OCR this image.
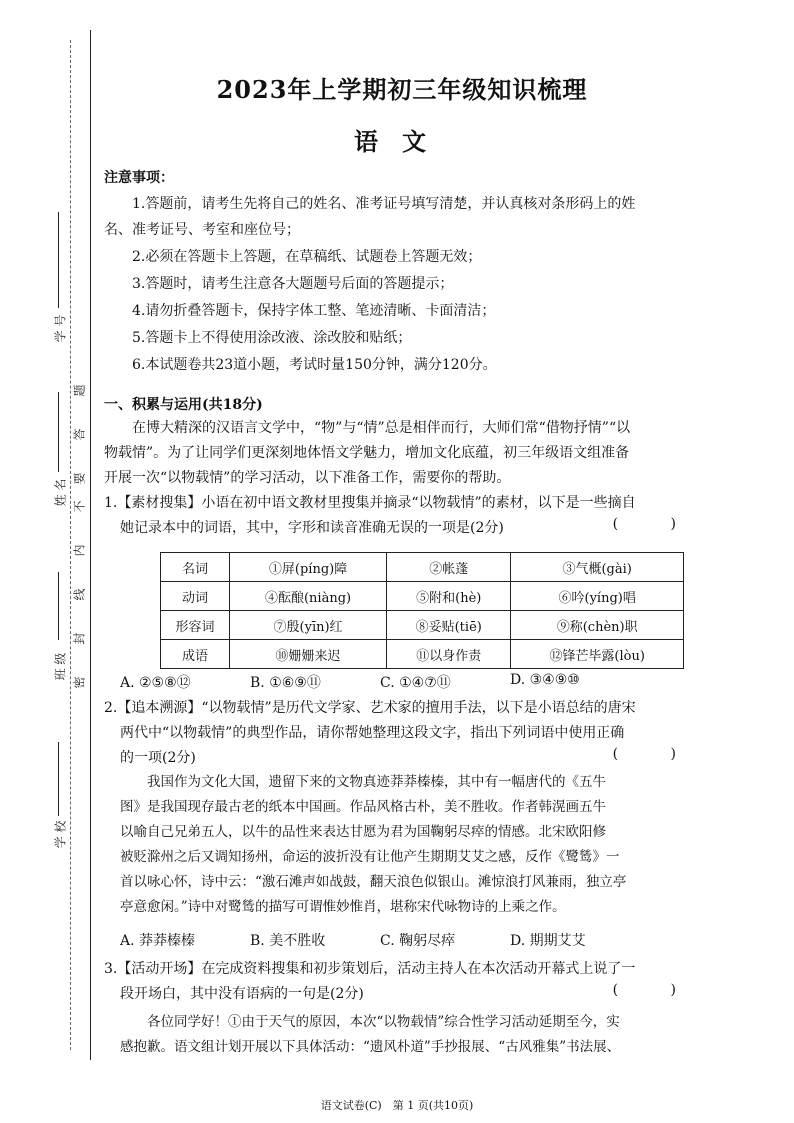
学 号
姓 名
班 级
学 校
题
答
要
不
内
线
封
密
2023年上学期初三年级知识梳理
语文
注意事项：
1.答题前，请考生先将自己的姓名、准考证号填写清楚，并认真核对条形码上的姓
名、准考证号、考室和座位号；
2.必须在答题卡上答题，在草稿纸、试题卷上答题无效；
3.答题时，请考生注意各大题题号后面的答题提示；
4.请勿折叠答题卡，保持字体工整、笔迹清晰、卡面清洁；
5.答题卡上不得使用涂改液、涂改胶和贴纸；
6.本试题卷共23道小题，考试时量150分钟，满分120分。
一、积累与运用(共18分)
在博大精深的汉语言文学中，“物”与“情”总是相伴而行，大师们常“借物抒情”“以
物载情”。为了让同学们更深刻地体悟文学魅力，增加文化底蕴，初三年级语文组准备
开展一次“以物载情”的学习活动，以下准备工作，需要你的帮助。
1.【素材搜集】小语在初中语文教材里搜集并摘录“以物载情”的素材，以下是一些摘自
她记录本中的词语，其中，字形和读音准确无误的一项是(2分)	( )
名词	①屏(píng)障	②帐蓬	③气概(gài)
动词	④酝酿(niàng)	⑤附和(hè)	⑥吟(yíng)唱
形容词	⑦殷(yīn)红	⑧妥贴(tiē)	⑨称(chèn)职
成语	⑩姗姗来迟	⑪以身作责	⑫锋芒毕露(lòu)
A. ②⑤⑧⑫	B. ①⑥⑨⑪	C. ①④⑦⑪	D. ③④⑨⑩
2.【追本溯源】“以物载情”是历代文学家、艺术家的擅用手法，以下是小语总结的唐宋
两代中“以物载情”的典型作品，请你帮她整理这段文字，指出下列词语中使用正确
的一项(2分)	( )
我国作为文化大国，遗留下来的文物真迹莽莽榛榛，其中有一幅唐代的《五牛
图》是我国现存最古老的纸本中国画。作品风格古朴，美不胜收。作者韩滉画五牛
以喻自己兄弟五人，以牛的品性来表达甘愿为君为国鞠躬尽瘁的情感。北宋欧阳修
被贬滁州之后又调知扬州，命运的波折没有让他产生期期艾艾之感，反作《鹭鸶》一
首以咏心怀，诗中云：“激石滩声如战鼓，翻天浪色似银山。滩惊浪打风兼雨，独立亭
亭意愈闲。”诗中对鹭鸶的描写可谓惟妙惟肖，堪称宋代咏物诗的上乘之作。
A. 莽莽榛榛	B. 美不胜收	C. 鞠躬尽瘁	D. 期期艾艾
3.【活动开场】在完成资料搜集和初步策划后，活动主持人在本次活动开幕式上说了一
段开场白，其中没有语病的一句是(2分)	( )
各位同学好！①由于天气的原因，本次“以物载情”综合性学习活动延期至今，实
感抱歉。语文组计划开展以下具体活动：“遗风朴道”手抄报展、“古风雅集”书法展、
语文试卷(C)　第 1 页(共10页)
